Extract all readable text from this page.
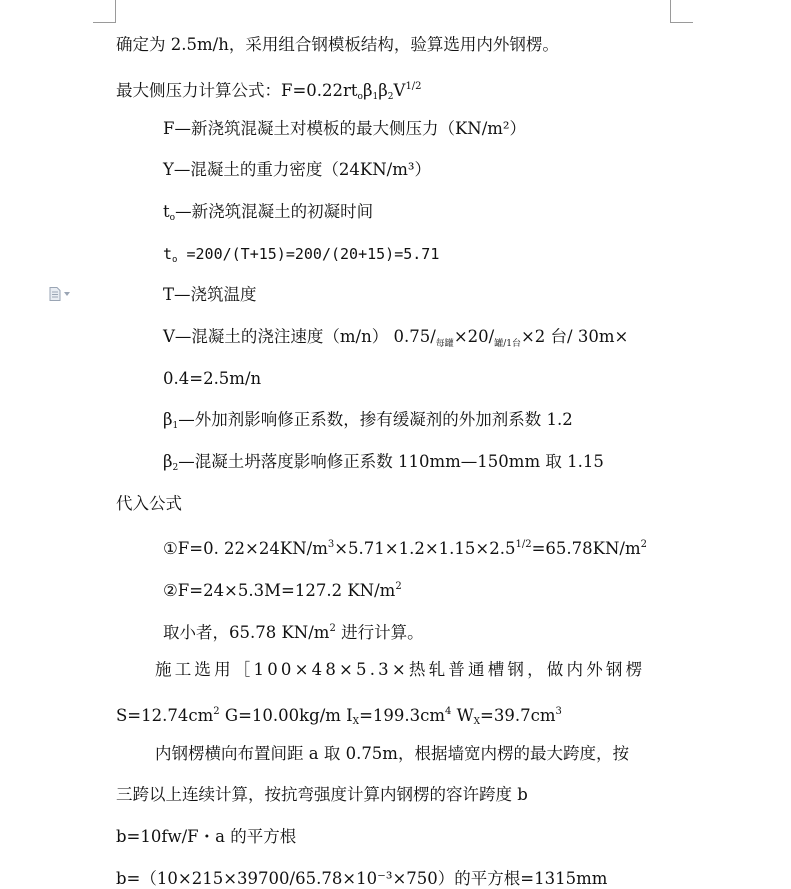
确定为 2.5m/h，采用组合钢模板结构，验算选用内外钢楞。
最大侧压力计算公式：$F=0.22rt_o\beta_1\beta_2V^{1/2}$
F—新浇筑混凝土对模板的最大侧压力（KN/m²）
Y—混凝土的重力密度（24KN/m³）
$t_o—$新浇筑混凝土的初凝时间
$t_o =200/(T+15)=200/(20+15)=5.71$
T—浇筑温度
V—混凝土的浇注速度（m/n） $0.75/_{每罐}\times 20/_{罐/1台}\times 2$ 台/ 30m×
0.4=2.5m/n
$\beta_1—$外加剂影响修正系数，掺有缓凝剂的外加剂系数 1.2
$\beta_2—$混凝土坍落度影响修正系数 110mm—150mm 取 1.15
代入公式
①F=0. $22\times 24KN/m^3\times 5.71\times 1.2\times 1.15\times 2.5^{1/2}=65.78KN/m^2$
②F=24×5.3M=127.2 $KN/m^2$
取小者，65.78 $KN/m^2$ 进行计算。
施工选用［100×48×5.3×热轧普通槽钢，做内外钢楞
$S=12.74cm^2$ G=10.00kg/m $I_X=199.3cm^4$ $W_X=39.7cm^3$
内钢楞横向布置间距 a 取 0.75m，根据墙宽内楞的最大跨度，按
三跨以上连续计算，按抗弯强度计算内钢楞的容许跨度 b
b=10fw/F・a 的平方根
b=（10×215×39700/65.78×10⁻³×750）的平方根=1315mm
